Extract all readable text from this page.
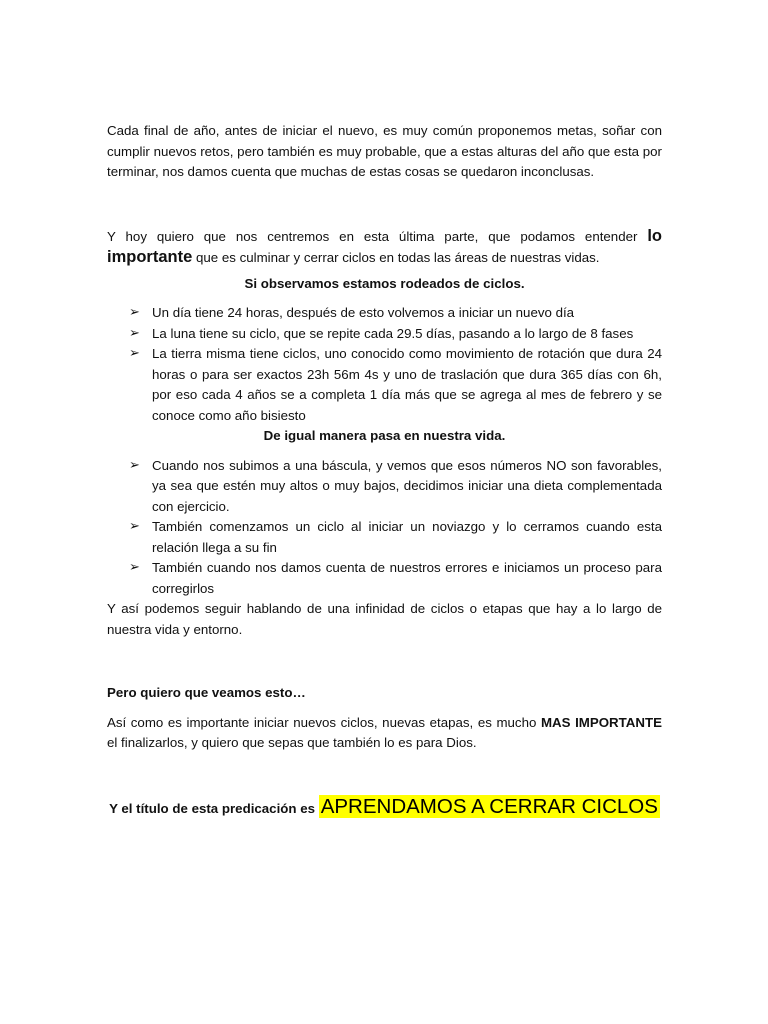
Cada final de año, antes de iniciar el nuevo, es muy común proponemos metas, soñar con cumplir nuevos retos, pero también es muy probable, que a estas alturas del año que esta por terminar, nos damos cuenta que muchas de estas cosas se quedaron inconclusas.

Y hoy quiero que nos centremos en esta última parte, que podamos entender lo importante que es culminar y cerrar ciclos en todas las áreas de nuestras vidas.

Si observamos estamos rodeados de ciclos.

➢ Un día tiene 24 horas, después de esto volvemos a iniciar un nuevo día
➢ La luna tiene su ciclo, que se repite cada 29.5 días, pasando a lo largo de 8 fases
➢ La tierra misma tiene ciclos, uno conocido como movimiento de rotación que dura 24 horas o para ser exactos 23h 56m 4s y uno de traslación que dura 365 días con 6h, por eso cada 4 años se a completa 1 día más que se agrega al mes de febrero y se conoce como año bisiesto

De igual manera pasa en nuestra vida.

➢ Cuando nos subimos a una báscula, y vemos que esos números NO son favorables, ya sea que estén muy altos o muy bajos, decidimos iniciar una dieta complementada con ejercicio.
➢ También comenzamos un ciclo al iniciar un noviazgo y lo cerramos cuando esta relación llega a su fin
➢ También cuando nos damos cuenta de nuestros errores e iniciamos un proceso para corregirlos

Y así podemos seguir hablando de una infinidad de ciclos o etapas que hay a lo largo de nuestra vida y entorno.

Pero quiero que veamos esto…

Así como es importante iniciar nuevos ciclos, nuevas etapas, es mucho MAS IMPORTANTE el finalizarlos, y quiero que sepas que también lo es para Dios.

Y el título de esta predicación es APRENDAMOS A CERRAR CICLOS
